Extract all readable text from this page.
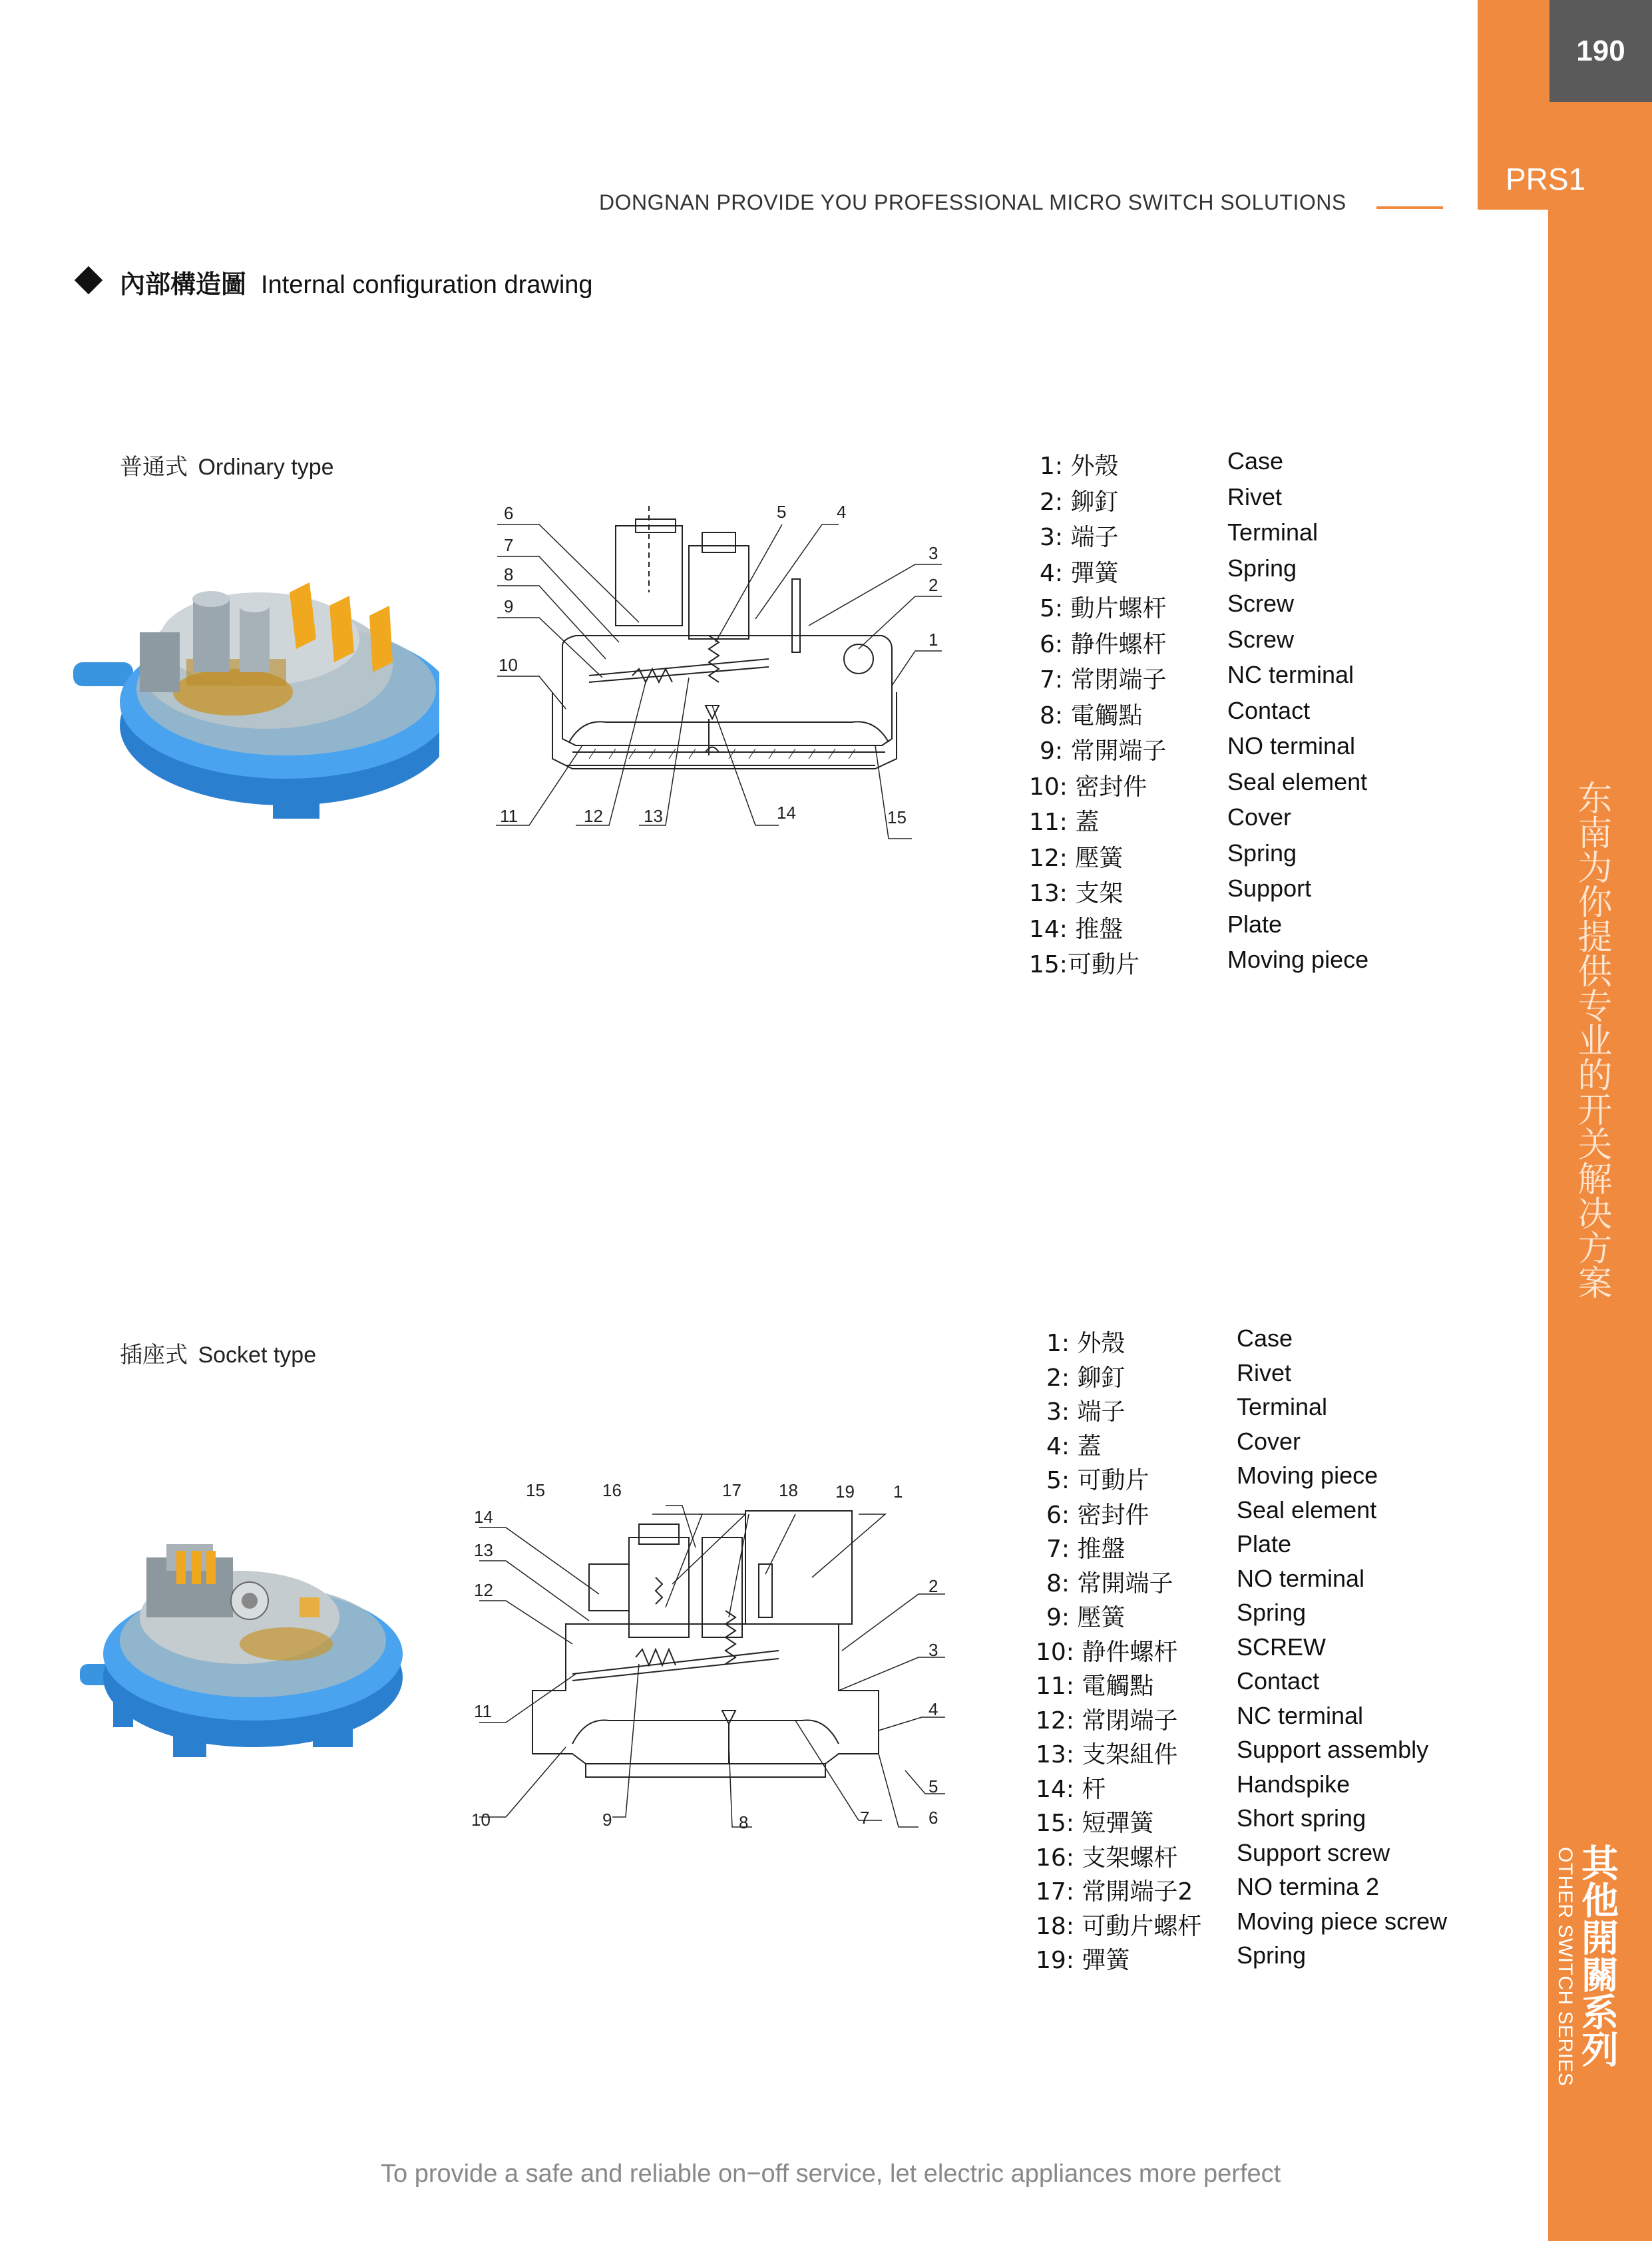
190
PRS1
东南为你提供专业的开关解决方案
OTHER SWITCH SERIES 其他開關系列
DONGNAN PROVIDE YOU PROFESSIONAL MICRO SWITCH SOLUTIONS
內部構造圖 Internal configuration drawing
普通式 Ordinary type
6
7
8
9
10
11	12 13	14	15
5	4
3
2
1
1: 外殼	Case
2: 鉚釘	Rivet
3: 端子	Terminal
4: 彈簧	Spring
5: 動片螺杆	Screw
6: 静件螺杆	Screw
7: 常閉端子	NC terminal
8: 電觸點	Contact
9: 常開端子	NO terminal
10: 密封件	Seal element
11: 蓋	Cover
12: 壓簧	Spring
13: 支架	Support
14: 推盤	Plate
15:可動片	Moving piece
插座式 Socket type
15	16	17 18 19 1
14
13
12
11
10	9	8	7
2
3
4
5
6
1: 外殼	Case
2: 鉚釘	Rivet
3: 端子	Terminal
4: 蓋	Cover
5: 可動片	Moving piece
6: 密封件	Seal element
7: 推盤	Plate
8: 常開端子	NO terminal
9: 壓簧	Spring
10: 静件螺杆	SCREW
11: 電觸點	Contact
12: 常閉端子	NC terminal
13: 支架組件	Support assembly
14: 杆	Handspike
15: 短彈簧	Short spring
16: 支架螺杆	Support screw
17: 常開端子2	NO termina 2
18: 可動片螺杆	Moving piece screw
19: 彈簧	Spring
To provide a safe and reliable on−off service, let electric appliances more perfect
